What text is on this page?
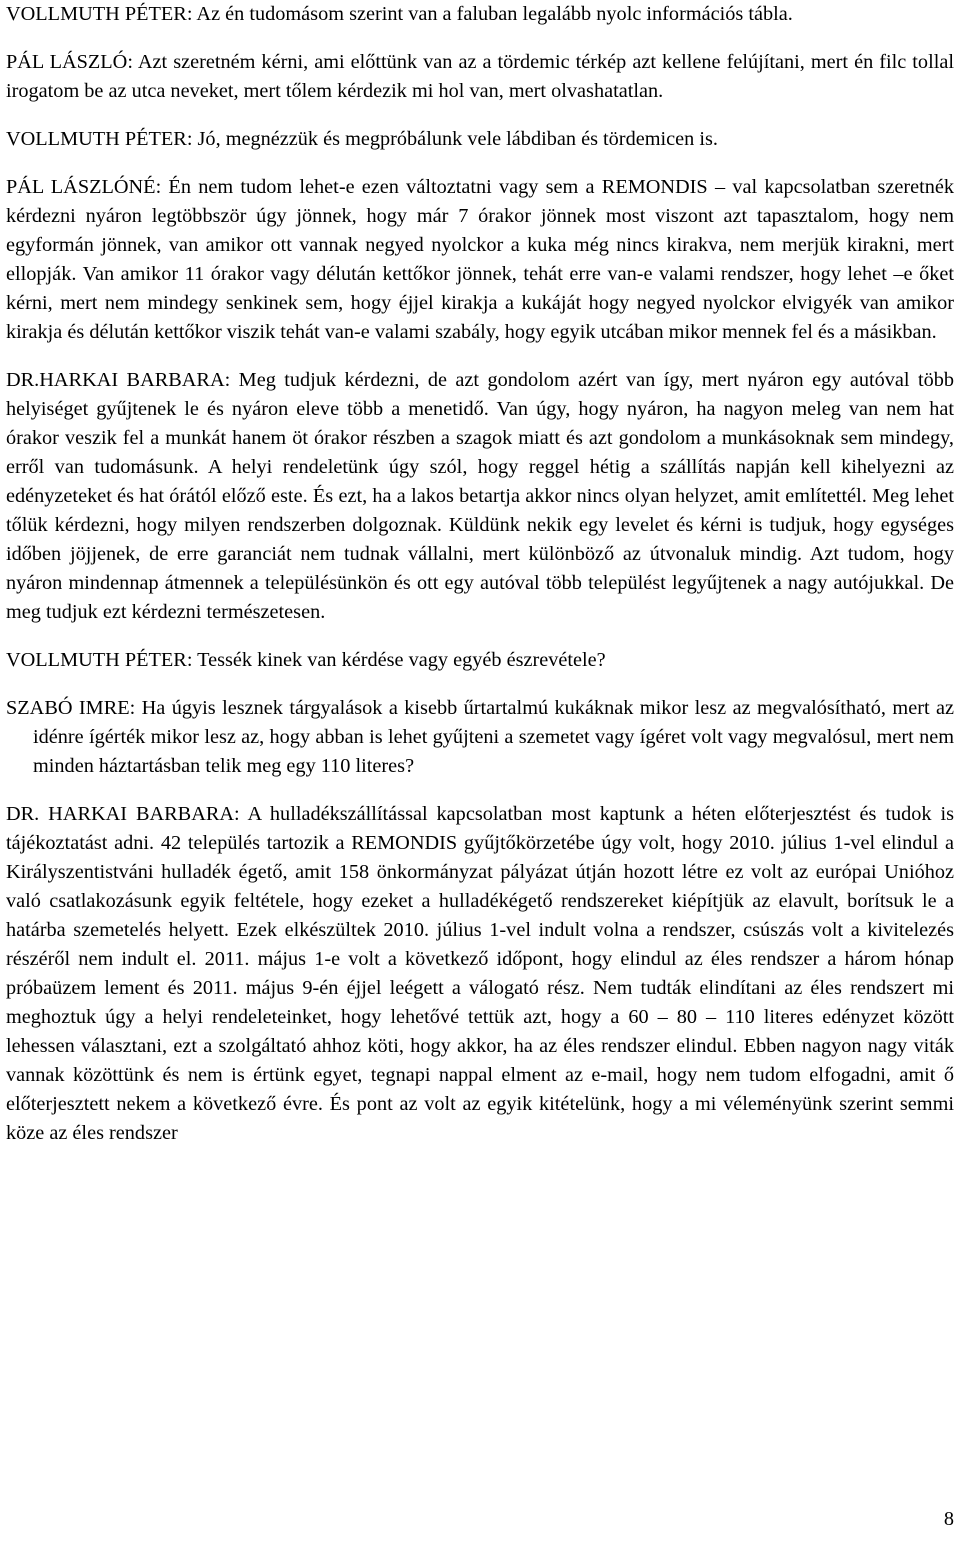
VOLLMUTH PÉTER: Az én tudomásom szerint van a faluban legalább nyolc információs tábla.

PÁL LÁSZLÓ: Azt szeretném kérni, ami előttünk van az a tördemic térkép azt kellene felújítani, mert én filc tollal irogatom be az utca neveket, mert tőlem kérdezik mi hol van, mert olvashatatlan.

VOLLMUTH PÉTER: Jó, megnézzük és megpróbálunk vele lábdiban és tördemicen is.

PÁL LÁSZLÓNÉ: Én nem tudom lehet-e ezen változtatni vagy sem a REMONDIS – val kapcsolatban szeretnék kérdezni nyáron legtöbbször úgy jönnek, hogy már 7 órakor jönnek most viszont azt tapasztalom, hogy nem egyformán jönnek, van amikor ott vannak negyed nyolckor a kuka még nincs kirakva, nem merjük kirakni, mert ellopják. Van amikor 11 órakor vagy délután kettőkor jönnek, tehát erre van-e valami rendszer, hogy lehet –e őket kérni, mert nem mindegy senkinek sem, hogy éjjel kirakja a kukáját hogy negyed nyolckor elvigyék van amikor kirakja és délután kettőkor viszik tehát van-e valami szabály, hogy egyik utcában mikor mennek fel és a másikban.

DR.HARKAI BARBARA: Meg tudjuk kérdezni, de azt gondolom azért van így, mert nyáron egy autóval több helyiséget gyűjtenek le és nyáron eleve több a menetidő. Van úgy, hogy nyáron, ha nagyon meleg van nem hat órakor veszik fel a munkát hanem öt órakor részben a szagok miatt és azt gondolom a munkásoknak sem mindegy, erről van tudomásunk. A helyi rendeletünk úgy szól, hogy reggel hétig a szállítás napján kell kihelyezni az edényzeteket és hat órától előző este. És ezt, ha a lakos betartja akkor nincs olyan helyzet, amit említettél. Meg lehet tőlük kérdezni, hogy milyen rendszerben dolgoznak. Küldünk nekik egy levelet és kérni is tudjuk, hogy egységes időben jöjjenek, de erre garanciát nem tudnak vállalni, mert különböző az útvonaluk mindig. Azt tudom, hogy nyáron mindennap átmennek a településünkön és ott egy autóval több települést legyűjtenek a nagy autójukkal. De meg tudjuk ezt kérdezni természetesen.

VOLLMUTH PÉTER: Tessék kinek van kérdése vagy egyéb észrevétele?

SZABÓ IMRE: Ha úgyis lesznek tárgyalások a kisebb űrtartalmú kukáknak mikor lesz az megvalósítható, mert az idénre ígérték mikor lesz az, hogy abban is lehet gyűjteni a szemetet vagy ígéret volt vagy megvalósul, mert nem minden háztartásban telik meg egy 110 literes?

DR. HARKAI BARBARA: A hulladékszállítással kapcsolatban most kaptunk a héten előterjesztést és tudok is tájékoztatást adni. 42 település tartozik a REMONDIS gyűjtőkörzetébe úgy volt, hogy 2010. július 1-vel elindul a Királyszentistváni hulladék égető, amit 158 önkormányzat pályázat útján hozott létre ez volt az európai Unióhoz való csatlakozásunk egyik feltétele, hogy ezeket a hulladékégető rendszereket kiépítjük az elavult, borítsuk le a határba szemetelés helyett. Ezek elkészültek 2010. július 1-vel indult volna a rendszer, csúszás volt a kivitelezés részéről nem indult el. 2011. május 1-e volt a következő időpont, hogy elindul az éles rendszer a három hónap próbaüzem lement és 2011. május 9-én éjjel leégett a válogató rész. Nem tudták elindítani az éles rendszert mi meghoztuk úgy a helyi rendeleteinket, hogy lehetővé tettük azt, hogy a 60 – 80 – 110 literes edényzet között lehessen választani, ezt a szolgáltató ahhoz köti, hogy akkor, ha az éles rendszer elindul. Ebben nagyon nagy viták vannak közöttünk és nem is értünk egyet, tegnapi nappal elment az e-mail, hogy nem tudom elfogadni, amit ő előterjesztett nekem a következő évre. És pont az volt az egyik kitételünk, hogy a mi véleményünk szerint semmi köze az éles rendszer

8
